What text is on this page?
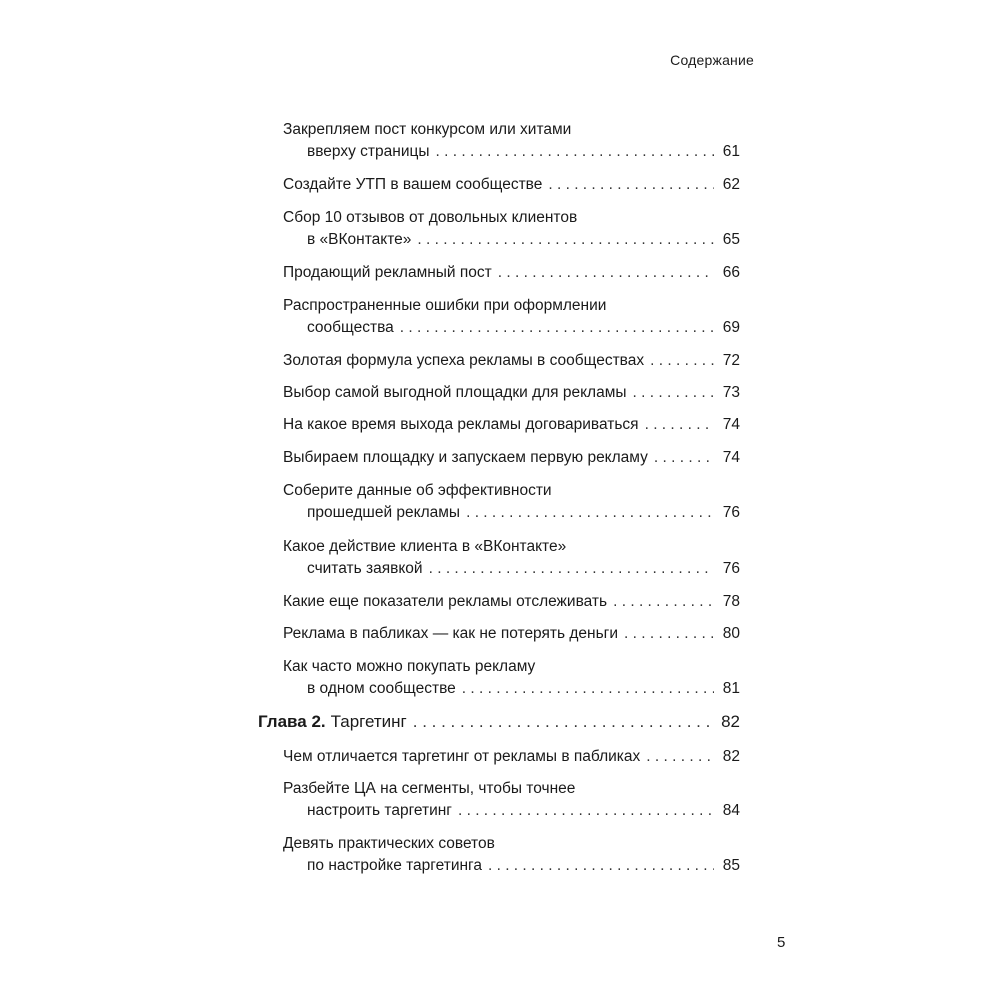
Содержание
Закрепляем пост конкурсом или хитами
вверху страницы . . .	61
Создайте УТП в вашем сообществе . . .	62
Сбор 10 отзывов от довольных клиентов
в «ВКонтакте» . . .	65
Продающий рекламный пост . . .	66
Распространенные ошибки при оформлении
сообщества . . .	69
Золотая формула успеха рекламы в сообществах . . .	72
Выбор самой выгодной площадки для рекламы . . .	73
На какое время выхода рекламы договариваться . . .	74
Выбираем площадку и запускаем первую рекламу . . .	74
Соберите данные об эффективности
прошедшей рекламы . . .	76
Какое действие клиента в «ВКонтакте»
считать заявкой . . .	76
Какие еще показатели рекламы отслеживать . . .	78
Реклама в пабликах — как не потерять деньги . . .	80
Как часто можно покупать рекламу
в одном сообществе . . .	81
Глава 2. Таргетинг . . .	82
Чем отличается таргетинг от рекламы в пабликах . . .	82
Разбейте ЦА на сегменты, чтобы точнее
настроить таргетинг . . .	84
Девять практических советов
по настройке таргетинга . . .	85
5
